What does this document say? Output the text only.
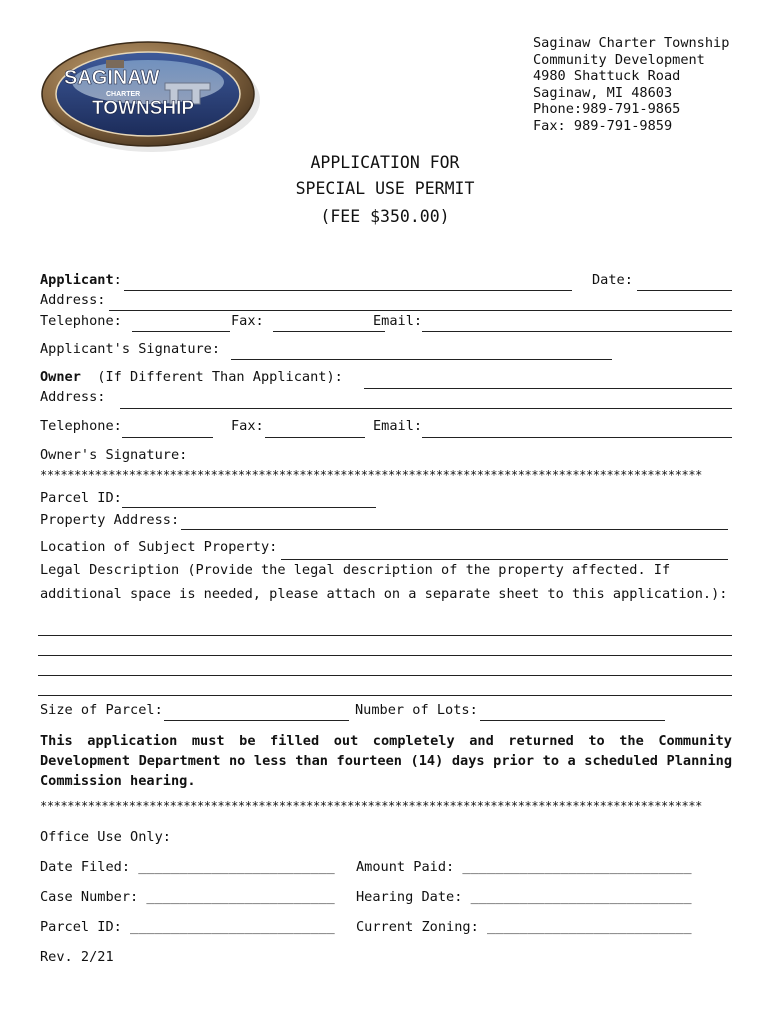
SAGINAW
CHARTER
TOWNSHIP
Saginaw Charter Township
Community Development
4980 Shattuck Road
Saginaw, MI 48603
Phone:989-791-9865
Fax: 989-791-9859
APPLICATION FOR
SPECIAL USE PERMIT
(FEE $350.00)
Applicant:	Date:
Address:
Telephone:	Fax:	Email:
Applicant's Signature:
Owner (If Different Than Applicant):
Address:
Telephone:	Fax:	Email:
Owner's Signature:
*************************************************************************************************
Parcel ID:
Property Address:
Location of Subject Property:
Legal Description (Provide the legal description of the property affected. If
additional space is needed, please attach on a separate sheet to this application.):
Size of Parcel:	Number of Lots:
This application must be filled out completely and returned to the Community Development Department no less than fourteen (14) days prior to a scheduled Planning Commission hearing.
*************************************************************************************************
Office Use Only:
Date Filed: ________________________ Amount Paid: ____________________________
Case Number: _______________________ Hearing Date: ___________________________
Parcel ID: _________________________ Current Zoning: _________________________
Rev. 2/21
